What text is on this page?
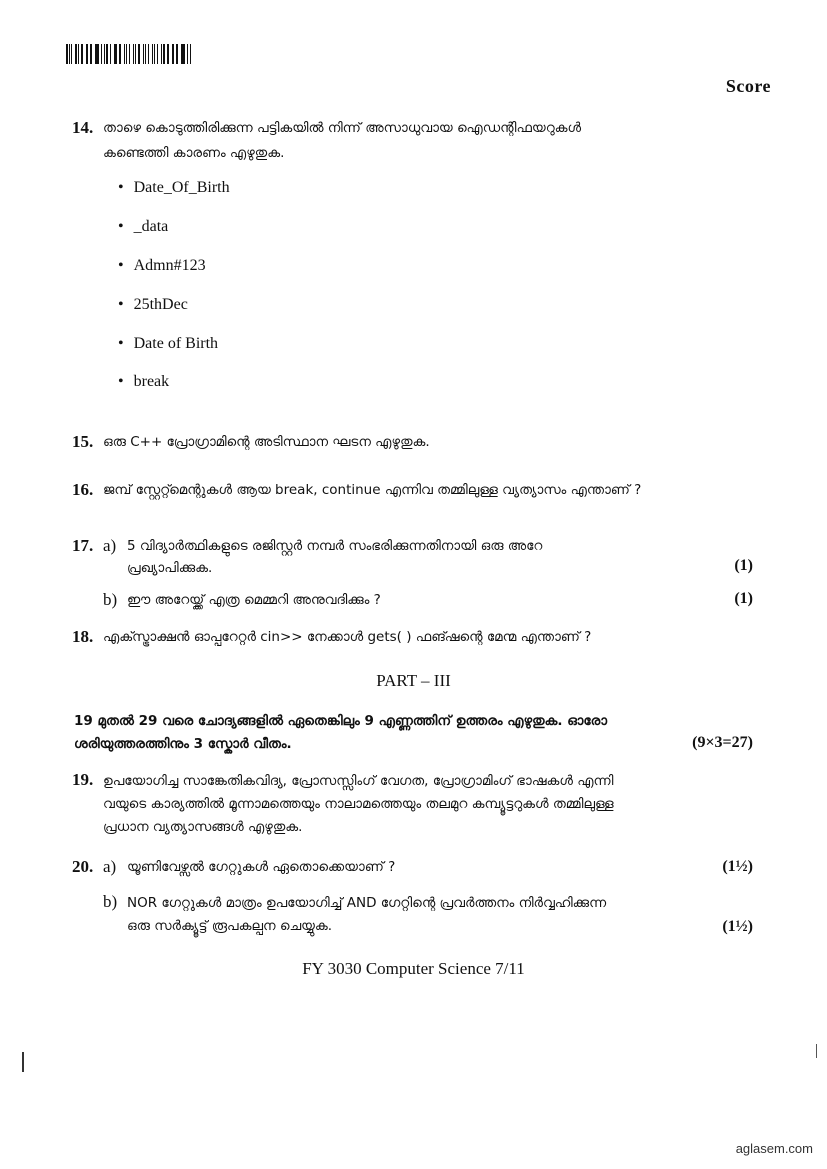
Score
14. താഴെ കൊടുത്തിരിക്കുന്ന പട്ടികയിൽ നിന്ന് അസാധുവായ ഐഡന്റിഫയറുകൾ
കണ്ടെത്തി കാരണം എഴുതുക.
• Date_Of_Birth
• _data
• Admn#123
• 25thDec
• Date of Birth
• break
15. ഒരു C++ പ്രോഗ്രാമിന്റെ അടിസ്ഥാന ഘടന എഴുതുക.
16. ജമ്പ് സ്റ്റേറ്റ്മെന്റുകൾ ആയ break, continue എന്നിവ തമ്മിലുള്ള വ്യത്യാസം എന്താണ് ?
17. a) 5 വിദ്യാർത്ഥികളുടെ രജിസ്റ്റർ നമ്പർ സംഭരിക്കുന്നതിനായി ഒരു അറേ
പ്രഖ്യാപിക്കുക.	(1)
b) ഈ അറേയ്ക്ക് എത്ര മെമ്മറി അനുവദിക്കും ?	(1)
18. എക്സ്ട്രാക്ഷൻ ഓപ്പറേറ്റർ cin>> നേക്കാൾ gets( ) ഫങ്ഷന്റെ മേന്മ എന്താണ് ?
PART – III
19 മുതൽ 29 വരെ ചോദ്യങ്ങളിൽ ഏതെങ്കിലും 9 എണ്ണത്തിന് ഉത്തരം എഴുതുക. ഓരോ
ശരിയുത്തരത്തിനും 3 സ്കോർ വീതം.	(9×3=27)
19. ഉപയോഗിച്ച സാങ്കേതികവിദ്യ, പ്രോസസ്സിംഗ് വേഗത, പ്രോഗ്രാമിംഗ് ഭാഷകൾ എന്നി
വയുടെ കാര്യത്തിൽ മൂന്നാമത്തെയും നാലാമത്തെയും തലമുറ കമ്പ്യൂട്ടറുകൾ തമ്മിലുള്ള
പ്രധാന വ്യത്യാസങ്ങൾ എഴുതുക.
20. a) യൂണിവേഴ്സൽ ഗേറ്റുകൾ ഏതൊക്കെയാണ് ?	(1½)
b) NOR ഗേറ്റുകൾ മാത്രം ഉപയോഗിച്ച് AND ഗേറ്റിന്റെ പ്രവർത്തനം നിർവ്വഹിക്കുന്ന
ഒരു സർക്യൂട്ട് രൂപകല്പന ചെയ്യുക.	(1½)
FY 3030 Computer Science 7/11
aglasem.com
